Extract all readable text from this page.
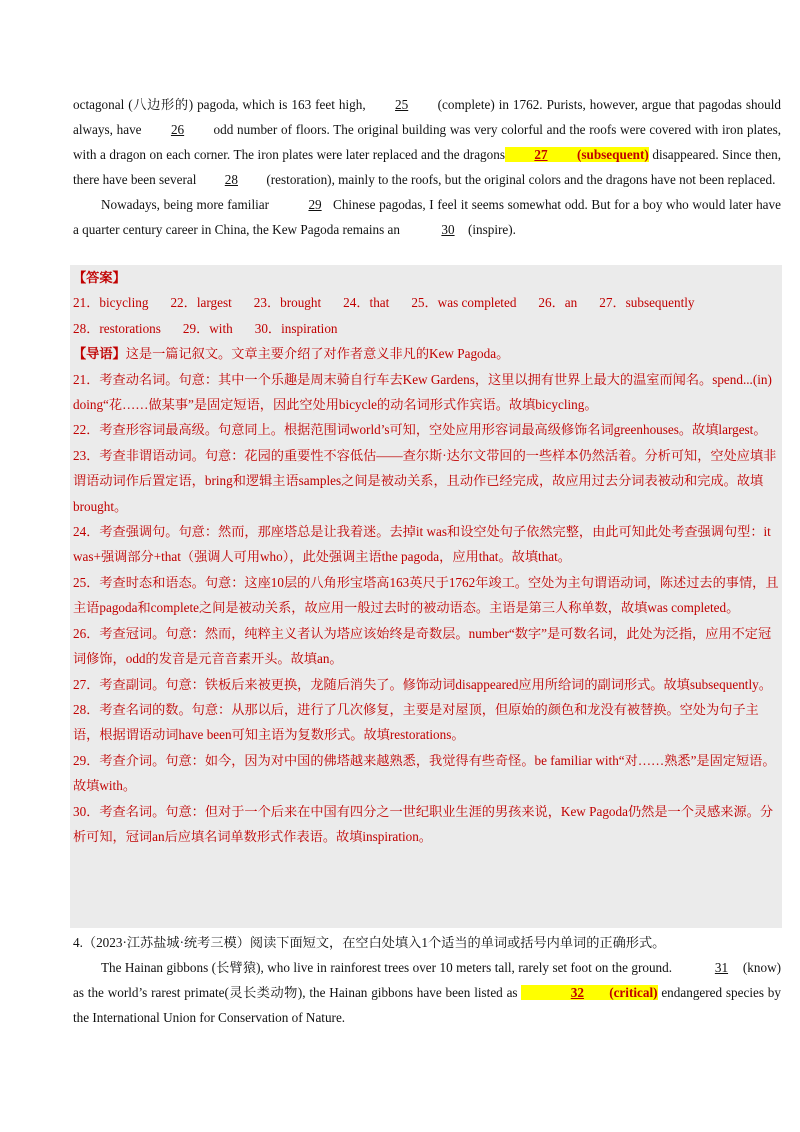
octagonal (八边形的) pagoda, which is 163 feet high, 25 (complete) in 1762. Purists, however, argue that pagodas should always, have 26 odd number of floors. The original building was very colorful and the roofs were covered with iron plates, with a dragon on each corner. The iron plates were later replaced and the dragons 27 (subsequent) disappeared. Since then, there have been several 28 (restoration), mainly to the roofs, but the original colors and the dragons have not been replaced.

Nowadays, being more familiar	29 Chinese pagodas, I feel it seems somewhat odd. But for a boy who would later have a quarter century career in China, the Kew Pagoda remains an	30 (inspire).

【答案】

21．bicycling 22．largest 23．brought 24．that 25．was completed 26．an 27．subsequently

28．restorations 29．with 30．inspiration

【导语】这是一篇记叙文。文章主要介绍了对作者意义非凡的Kew Pagoda。

21．考查动名词。句意：其中一个乐趣是周末骑自行车去Kew Gardens，这里以拥有世界上最大的温室而闻名。spend...(in) doing“花……做某事”是固定短语，因此空处用bicycle的动名词形式作宾语。故填bicycling。

22．考查形容词最高级。句意同上。根据范围词world’s可知，空处应用形容词最高级修饰名词greenhouses。故填largest。

23．考查非谓语动词。句意：花园的重要性不容低估——查尔斯·达尔文带回的一些样本仍然活着。分析可知，空处应填非谓语动词作后置定语，bring和逻辑主语samples之间是被动关系，且动作已经完成，故应用过去分词表被动和完成。故填brought。

24．考查强调句。句意：然而，那座塔总是让我着迷。去掉it was和设空处句子依然完整，由此可知此处考查强调句型：it was+强调部分+that（强调人可用who），此处强调主语the pagoda，应用that。故填that。

25．考查时态和语态。句意：这座10层的八角形宝塔高163英尺于1762年竣工。空处为主句谓语动词，陈述过去的事情，且主语pagoda和complete之间是被动关系，故应用一般过去时的被动语态。主语是第三人称单数，故填was completed。

26．考查冠词。句意：然而，纯粹主义者认为塔应该始终是奇数层。number“数字”是可数名词，此处为泛指，应用不定冠词修饰，odd的发音是元音音素开头。故填an。

27．考查副词。句意：铁板后来被更换，龙随后消失了。修饰动词disappeared应用所给词的副词形式。故填subsequently。

28．考查名词的数。句意：从那以后，进行了几次修复，主要是对屋顶，但原始的颜色和龙没有被替换。空处为句子主语，根据谓语动词have been可知主语为复数形式。故填restorations。

29．考查介词。句意：如今，因为对中国的佛塔越来越熟悉，我觉得有些奇怪。be familiar with“对……熟悉”是固定短语。故填with。

30．考查名词。句意：但对于一个后来在中国有四分之一世纪职业生涯的男孩来说，Kew Pagoda仍然是一个灵感来源。分析可知，冠词an后应填名词单数形式作表语。故填inspiration。

4.（2023·江苏盐城·统考三模）阅读下面短文，在空白处填入1个适当的单词或括号内单词的正确形式。

The Hainan gibbons (长臂猿), who live in rainforest trees over 10 meters tall, rarely set foot on the ground.	31 (know) as the world’s rarest primate(灵长类动物), the Hainan gibbons have been listed as	32 (critical) endangered species by the International Union for Conservation of Nature.
